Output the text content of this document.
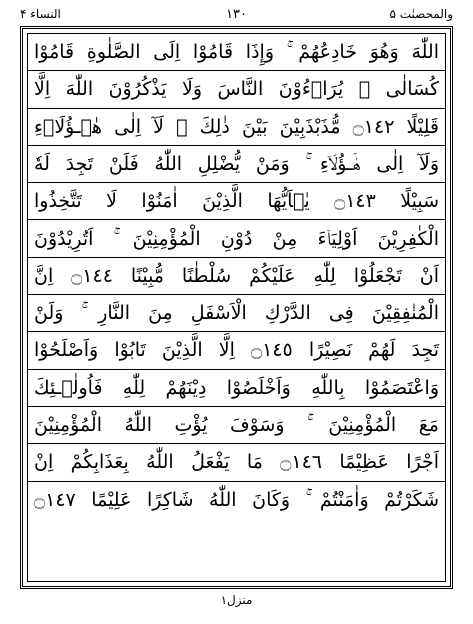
والمحصنٰت ۵
١٣٠
النساء ۴
اللّٰهَ وَهُوَ خَادِعُهُمْ ۚ وَإِذَا قَامُوْا اِلَى الصَّلٰوةِ قَامُوْا
كُسَالٰى ۙ يُرَاۤءُوْنَ النَّاسَ وَلَا يَذْكُرُوْنَ اللّٰهَ اِلَّا
قَلِيْلًا ۝١٤٢ مُّذَبْذَبِيْنَ بَيْنَ ذٰلِكَ ۖ لَآ اِلٰى هٰۤـؤُلَاۤءِ
وَلَآ اِلٰى هٰۤـؤُلَاۤءِ ۚ وَمَنْ يُّضْلِلِ اللّٰهُ فَلَنْ تَجِدَ لَهٗ
سَبِيْلًا ۝١٤٣ يٰۤاَيُّهَا الَّذِيْنَ اٰمَنُوْا لَا تَتَّخِذُوا
الْكٰفِرِيْنَ اَوْلِيَاۤءَ مِنْ دُوْنِ الْمُؤْمِنِيْنَ ۚ اَتُرِيْدُوْنَ
اَنْ تَجْعَلُوْا لِلّٰهِ عَلَيْكُمْ سُلْطٰنًا مُّبِيْنًا ۝١٤٤ اِنَّ
الْمُنٰفِقِيْنَ فِى الدَّرْكِ الْاَسْفَلِ مِنَ النَّارِ ۚ وَلَنْ
تَجِدَ لَهُمْ نَصِيْرًا ۝١٤٥ اِلَّا الَّذِيْنَ تَابُوْا وَاَصْلَحُوْا
وَاعْتَصَمُوْا بِاللّٰهِ وَاَخْلَصُوْا دِيْنَهُمْ لِلّٰهِ فَاُولٰۤـئِكَ
مَعَ الْمُؤْمِنِيْنَ ۚ وَسَوْفَ يُؤْتِ اللّٰهُ الْمُؤْمِنِيْنَ
اَجْرًا عَظِيْمًا ۝١٤٦ مَا يَفْعَلُ اللّٰهُ بِعَذَابِكُمْ اِنْ
شَكَرْتُمْ وَاٰمَنْتُمْ ۚ وَكَانَ اللّٰهُ شَاكِرًا عَلِيْمًا ۝١٤٧
منزل١
